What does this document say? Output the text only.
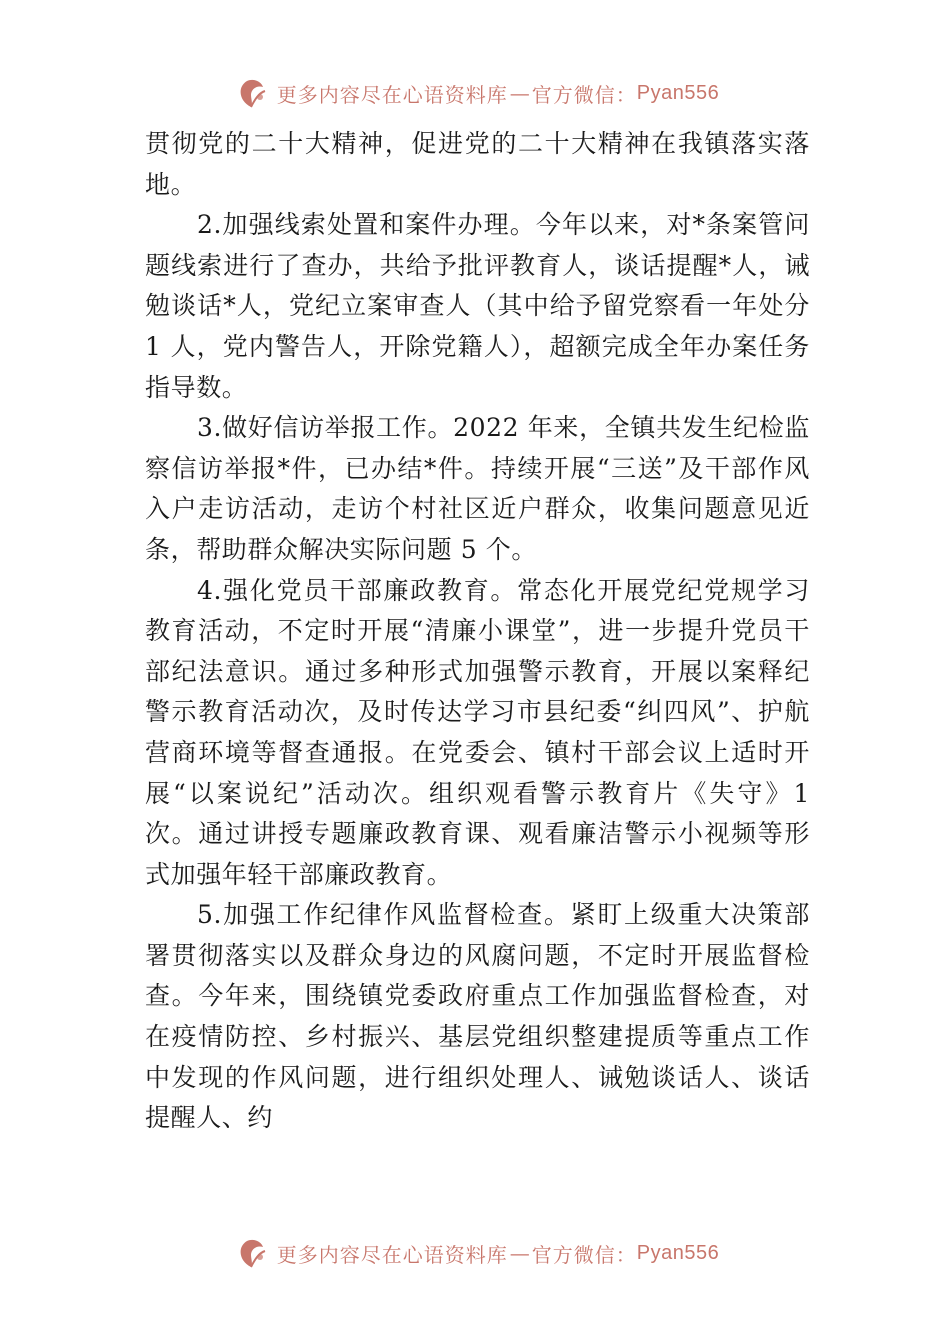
更多内容尽在心语资料库 — 官方微信： Pyan556

贯彻党的二十大精神，促进党的二十大精神在我镇落实落地。

2.加强线索处置和案件办理。今年以来，对*条案管问题线索进行了查办，共给予批评教育人，谈话提醒*人，诫勉谈话*人，党纪立案审查人（其中给予留党察看一年处分 1 人，党内警告人，开除党籍人），超额完成全年办案任务指导数。

3.做好信访举报工作。2022 年来，全镇共发生纪检监察信访举报*件，已办结*件。持续开展“三送”及干部作风入户走访活动，走访个村社区近户群众，收集问题意见近条，帮助群众解决实际问题 5 个。

4.强化党员干部廉政教育。常态化开展党纪党规学习教育活动，不定时开展“清廉小课堂”，进一步提升党员干部纪法意识。通过多种形式加强警示教育，开展以案释纪警示教育活动次，及时传达学习市县纪委“纠四风”、护航营商环境等督查通报。在党委会、镇村干部会议上适时开展“以案说纪”活动次。组织观看警示教育片《失守》1 次。通过讲授专题廉政教育课、观看廉洁警示小视频等形式加强年轻干部廉政教育。

5.加强工作纪律作风监督检查。紧盯上级重大决策部署贯彻落实以及群众身边的风腐问题，不定时开展监督检查。今年来，围绕镇党委政府重点工作加强监督检查，对在疫情防控、乡村振兴、基层党组织整建提质等重点工作中发现的作风问题，进行组织处理人、诫勉谈话人、谈话提醒人、约

更多内容尽在心语资料库 — 官方微信： Pyan556
